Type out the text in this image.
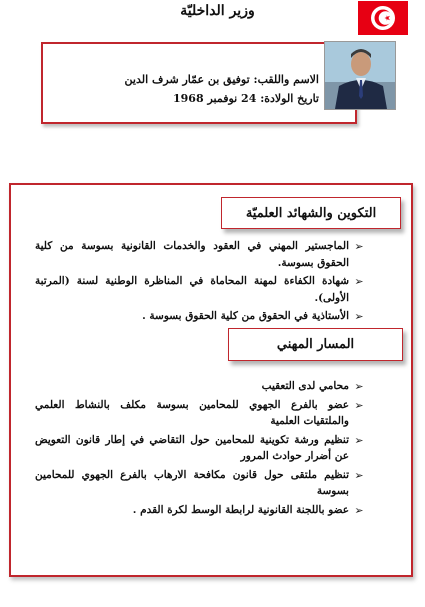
وزير الداخليّة
الاسم واللقب: توفيق بن عمّار شرف الدين
تاريخ الولادة: 24 نوفمبر 1968
التكوين والشهائد العلميّة
➢
الماجستير المهني في العقود والخدمات القانونية بسوسة من كلية الحقوق بسوسة.
➢
شهادة الكفاءة لمهنة المحاماة في المناظرة الوطنية لسنة (المرتبة الأولى).
➢
الأستاذية في الحقوق من كلية الحقوق بسوسة .
المسار المهني
➢
محامي لدى التعقيب
➢
عضو بالفرع الجهوي للمحامين بسوسة مكلف بالنشاط العلمي والملتقيات العلمية
➢
تنظيم ورشة تكوينية للمحامين حول التقاضي في إطار قانون التعويض عن أضرار حوادث المرور
➢
تنظيم ملتقى حول قانون مكافحة الارهاب بالفرع الجهوي للمحامين بسوسة
➢
عضو باللجنة القانونية لرابطة الوسط لكرة القدم .
